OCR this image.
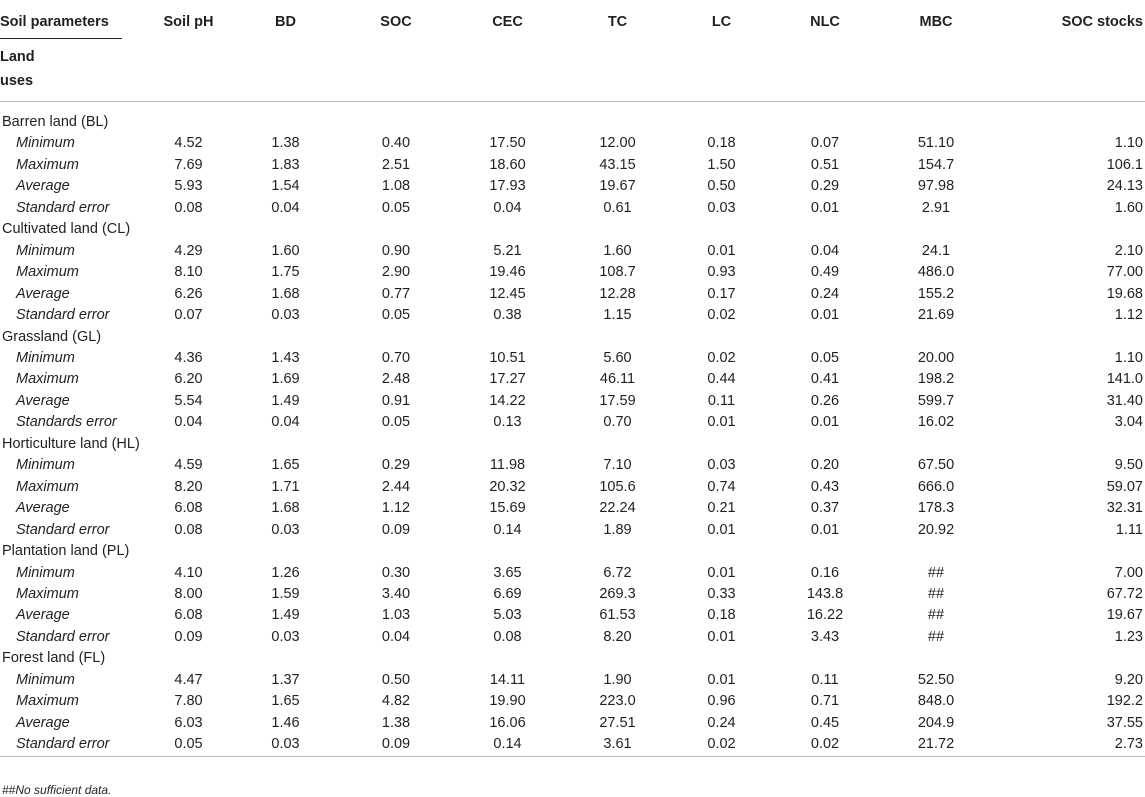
Soil parameters
Land uses	Soil pH	BD	SOC	CEC	TC	LC	NLC	MBC	SOC stocks
Barren land (BL)									
Minimum	4.52	1.38	0.40	17.50	12.00	0.18	0.07	51.10	1.10
Maximum	7.69	1.83	2.51	18.60	43.15	1.50	0.51	154.7	106.1
Average	5.93	1.54	1.08	17.93	19.67	0.50	0.29	97.98	24.13
Standard error	0.08	0.04	0.05	0.04	0.61	0.03	0.01	2.91	1.60
Cultivated land (CL)									
Minimum	4.29	1.60	0.90	5.21	1.60	0.01	0.04	24.1	2.10
Maximum	8.10	1.75	2.90	19.46	108.7	0.93	0.49	486.0	77.00
Average	6.26	1.68	0.77	12.45	12.28	0.17	0.24	155.2	19.68
Standard error	0.07	0.03	0.05	0.38	1.15	0.02	0.01	21.69	1.12
Grassland (GL)									
Minimum	4.36	1.43	0.70	10.51	5.60	0.02	0.05	20.00	1.10
Maximum	6.20	1.69	2.48	17.27	46.11	0.44	0.41	198.2	141.0
Average	5.54	1.49	0.91	14.22	17.59	0.11	0.26	599.7	31.40
Standards error	0.04	0.04	0.05	0.13	0.70	0.01	0.01	16.02	3.04
Horticulture land (HL)									
Minimum	4.59	1.65	0.29	11.98	7.10	0.03	0.20	67.50	9.50
Maximum	8.20	1.71	2.44	20.32	105.6	0.74	0.43	666.0	59.07
Average	6.08	1.68	1.12	15.69	22.24	0.21	0.37	178.3	32.31
Standard error	0.08	0.03	0.09	0.14	1.89	0.01	0.01	20.92	1.11
Plantation land (PL)									
Minimum	4.10	1.26	0.30	3.65	6.72	0.01	0.16	##	7.00
Maximum	8.00	1.59	3.40	6.69	269.3	0.33	143.8	##	67.72
Average	6.08	1.49	1.03	5.03	61.53	0.18	16.22	##	19.67
Standard error	0.09	0.03	0.04	0.08	8.20	0.01	3.43	##	1.23
Forest land (FL)									
Minimum	4.47	1.37	0.50	14.11	1.90	0.01	0.11	52.50	9.20
Maximum	7.80	1.65	4.82	19.90	223.0	0.96	0.71	848.0	192.2
Average	6.03	1.46	1.38	16.06	27.51	0.24	0.45	204.9	37.55
Standard error	0.05	0.03	0.09	0.14	3.61	0.02	0.02	21.72	2.73
##No sufficient data.
